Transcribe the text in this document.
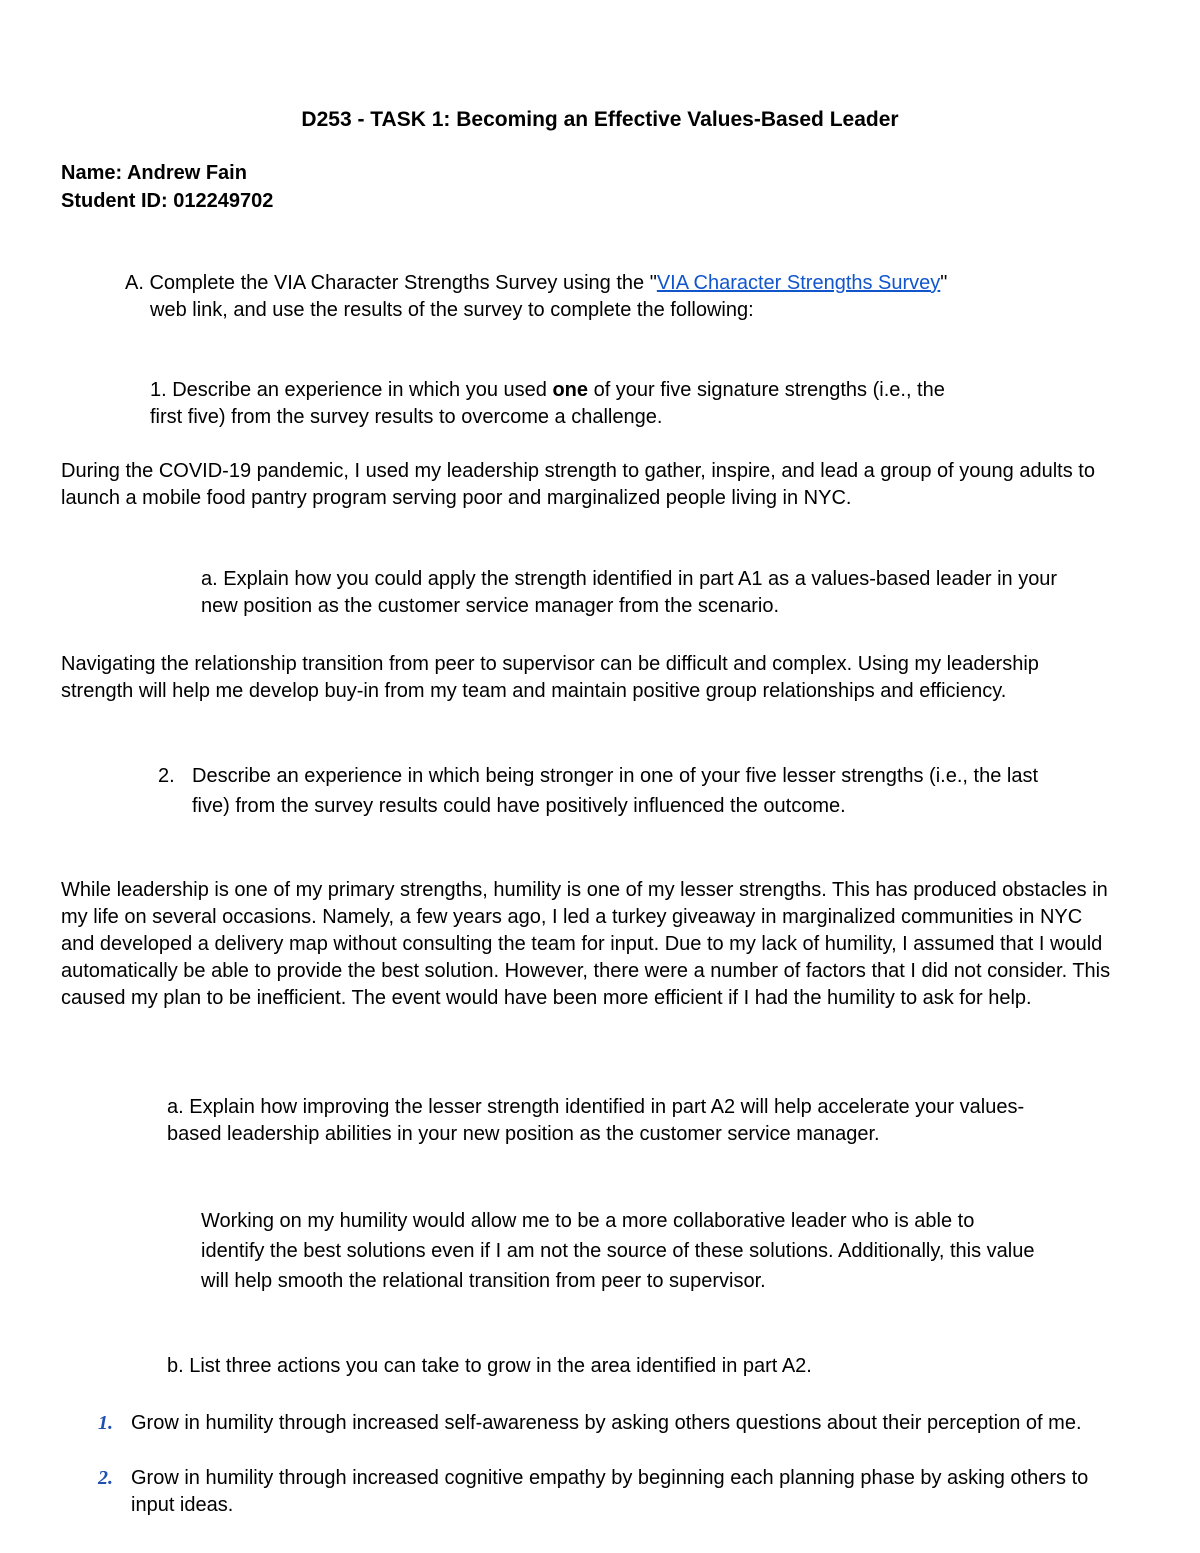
D253 - TASK 1: Becoming an Effective Values-Based Leader
Name: Andrew Fain
Student ID: 012249702
A. Complete the VIA Character Strengths Survey using the "VIA Character Strengths Survey"
web link, and use the results of the survey to complete the following:
1. Describe an experience in which you used one of your five signature strengths (i.e., the
first five) from the survey results to overcome a challenge.
During the COVID-19 pandemic, I used my leadership strength to gather, inspire, and lead a group of young adults to launch a mobile food pantry program serving poor and marginalized people living in NYC.
a. Explain how you could apply the strength identified in part A1 as a values-based leader in your new position as the customer service manager from the scenario.
Navigating the relationship transition from peer to supervisor can be difficult and complex. Using my leadership strength will help me develop buy-in from my team and maintain positive group relationships and efficiency.
2. Describe an experience in which being stronger in one of your five lesser strengths (i.e., the last five) from the survey results could have positively influenced the outcome.
While leadership is one of my primary strengths, humility is one of my lesser strengths. This has produced obstacles in my life on several occasions. Namely, a few years ago, I led a turkey giveaway in marginalized communities in NYC and developed a delivery map without consulting the team for input. Due to my lack of humility, I assumed that I would automatically be able to provide the best solution. However, there were a number of factors that I did not consider. This caused my plan to be inefficient. The event would have been more efficient if I had the humility to ask for help.
a. Explain how improving the lesser strength identified in part A2 will help accelerate your values-based leadership abilities in your new position as the customer service manager.
Working on my humility would allow me to be a more collaborative leader who is able to identify the best solutions even if I am not the source of these solutions. Additionally, this value will help smooth the relational transition from peer to supervisor.
b. List three actions you can take to grow in the area identified in part A2.
1. Grow in humility through increased self-awareness by asking others questions about their perception of me.
2. Grow in humility through increased cognitive empathy by beginning each planning phase by asking others to input ideas.
